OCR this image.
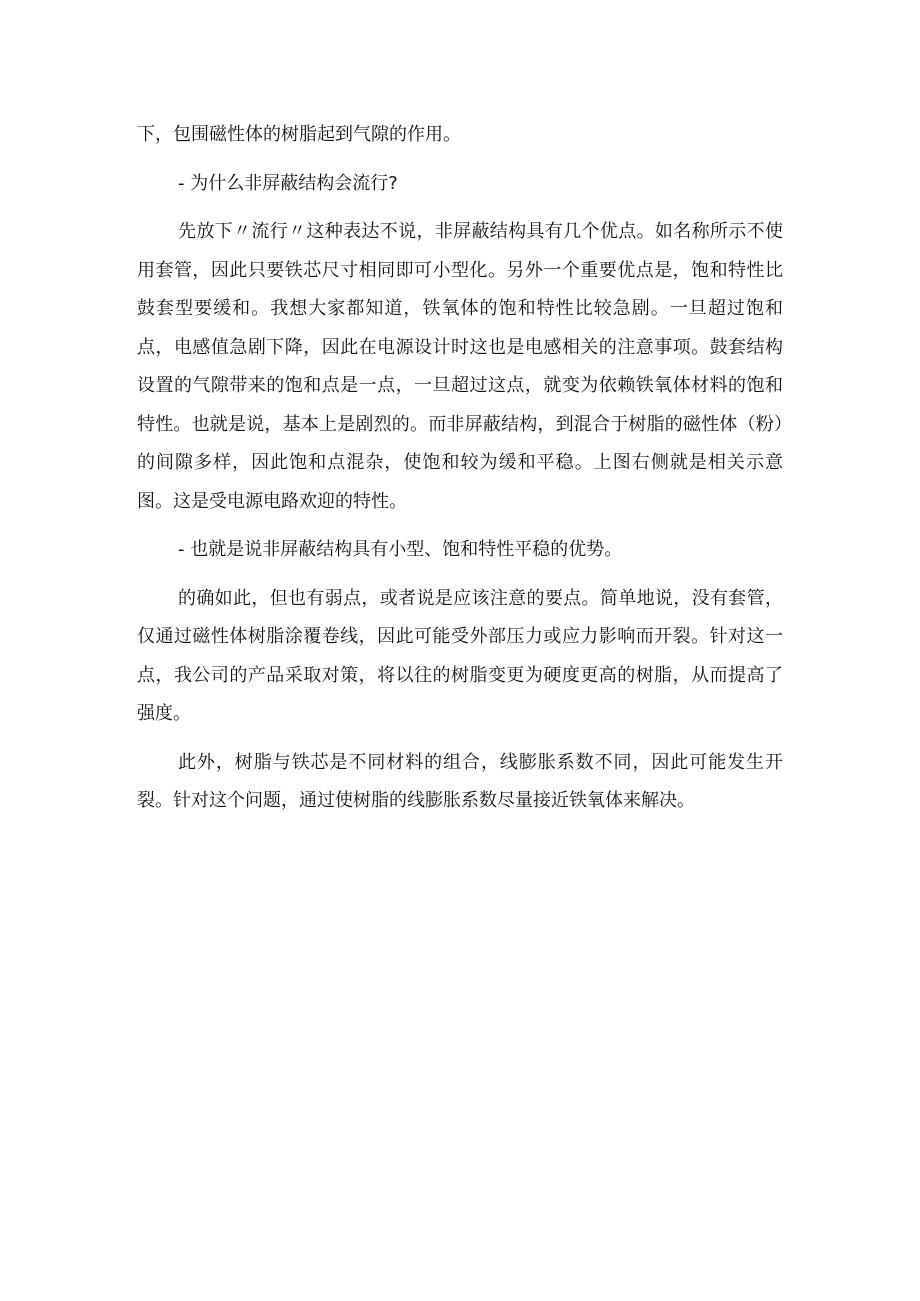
下，包围磁性体的树脂起到气隙的作用。

- 为什么非屏蔽结构会流行?

先放下〃流行〃这种表达不说，非屏蔽结构具有几个优点。如名称所示不使用套管，因此只要铁芯尺寸相同即可小型化。另外一个重要优点是，饱和特性比鼓套型要缓和。我想大家都知道，铁氧体的饱和特性比较急剧。一旦超过饱和点，电感值急剧下降，因此在电源设计时这也是电感相关的注意事项。鼓套结构设置的气隙带来的饱和点是一点，一旦超过这点，就变为依赖铁氧体材料的饱和特性。也就是说，基本上是剧烈的。而非屏蔽结构，到混合于树脂的磁性体（粉）的间隙多样，因此饱和点混杂，使饱和较为缓和平稳。上图右侧就是相关示意图。这是受电源电路欢迎的特性。

- 也就是说非屏蔽结构具有小型、饱和特性平稳的优势。

的确如此，但也有弱点，或者说是应该注意的要点。简单地说，没有套管，仅通过磁性体树脂涂覆卷线，因此可能受外部压力或应力影响而开裂。针对这一点，我公司的产品采取对策，将以往的树脂变更为硬度更高的树脂，从而提高了强度。

此外，树脂与铁芯是不同材料的组合，线膨胀系数不同，因此可能发生开裂。针对这个问题，通过使树脂的线膨胀系数尽量接近铁氧体来解决。
